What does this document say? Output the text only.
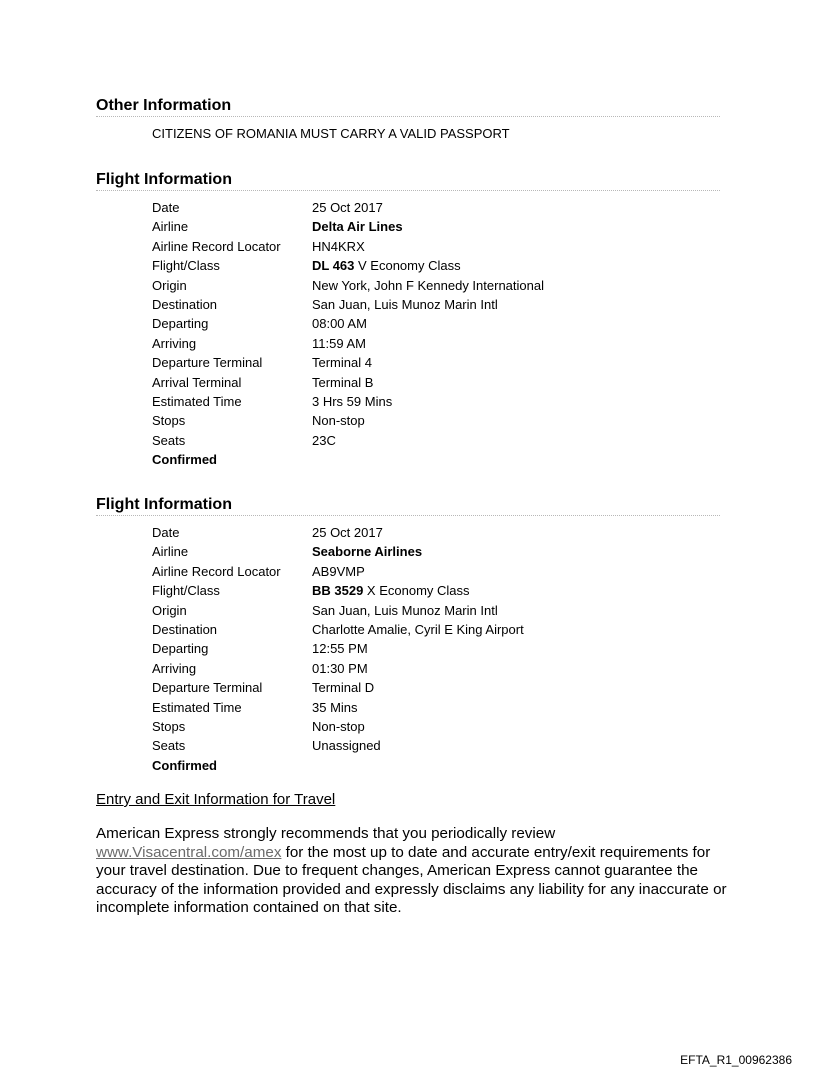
Other Information
CITIZENS OF ROMANIA MUST CARRY A VALID PASSPORT
Flight Information
Date	25 Oct 2017
Airline	Delta Air Lines
Airline Record Locator HN4KRX
Flight/Class	DL 463 V Economy Class
Origin	New York, John F Kennedy International
Destination	San Juan, Luis Munoz Marin Intl
Departing	08:00 AM
Arriving	11:59 AM
Departure Terminal	Terminal 4
Arrival Terminal	Terminal B
Estimated Time	3 Hrs 59 Mins
Stops	Non-stop
Seats	23C
Confirmed
Flight Information
Date	25 Oct 2017
Airline	Seaborne Airlines
Airline Record Locator AB9VMP
Flight/Class	BB 3529 X Economy Class
Origin	San Juan, Luis Munoz Marin Intl
Destination	Charlotte Amalie, Cyril E King Airport
Departing	12:55 PM
Arriving	01:30 PM
Departure Terminal	Terminal D
Estimated Time	35 Mins
Stops	Non-stop
Seats	Unassigned
Confirmed
Entry and Exit Information for Travel
American Express strongly recommends that you periodically review www.Visacentral.com/amex for the most up to date and accurate entry/exit requirements for your travel destination. Due to frequent changes, American Express cannot guarantee the accuracy of the information provided and expressly disclaims any liability for any inaccurate or incomplete information contained on that site.
EFTA_R1_00962386
